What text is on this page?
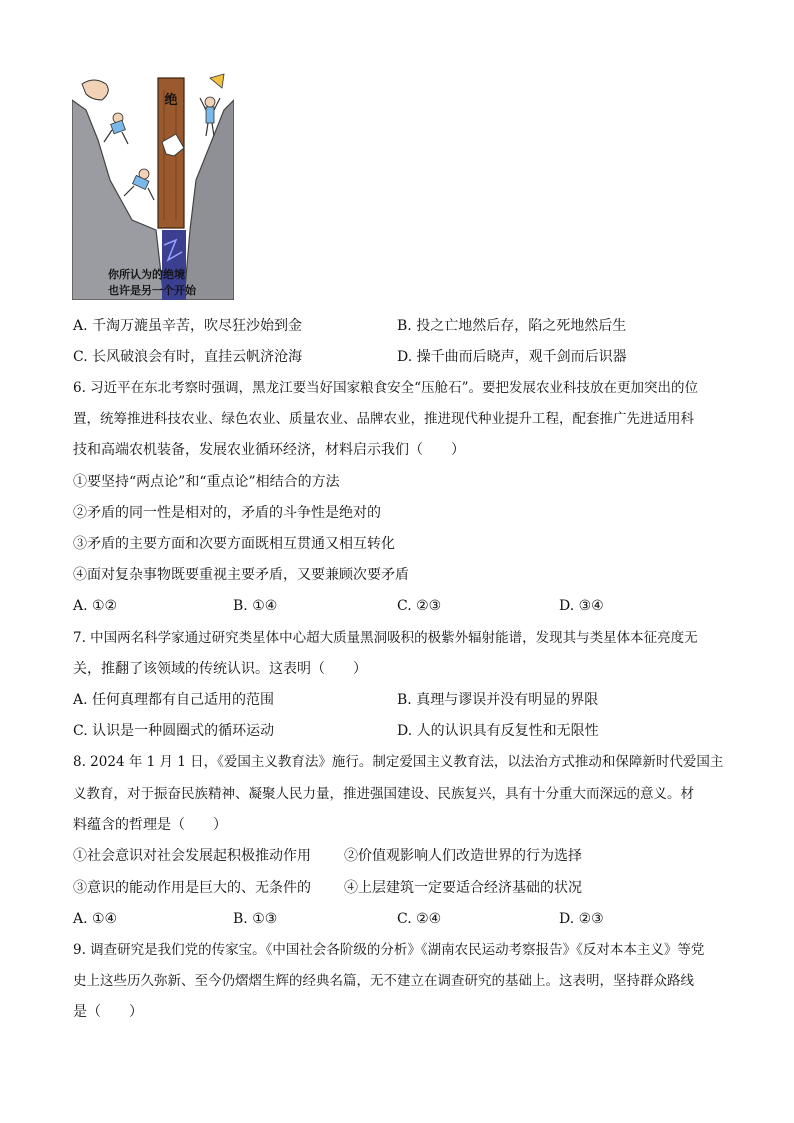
绝
你所认为的绝境
也许是另一个开始
A. 千淘万漉虽辛苦，吹尽狂沙始到金	B. 投之亡地然后存，陷之死地然后生
C. 长风破浪会有时，直挂云帆济沧海	D. 操千曲而后晓声，观千剑而后识器
6. 习近平在东北考察时强调，黑龙江要当好国家粮食安全“压舱石”。要把发展农业科技放在更加突出的位
置，统筹推进科技农业、绿色农业、质量农业、品牌农业，推进现代种业提升工程，配套推广先进适用科
技和高端农机装备，发展农业循环经济，材料启示我们（　　）
①要坚持“两点论”和“重点论”相结合的方法
②矛盾的同一性是相对的，矛盾的斗争性是绝对的
③矛盾的主要方面和次要方面既相互贯通又相互转化
④面对复杂事物既要重视主要矛盾，又要兼顾次要矛盾
A. ①②	B. ①④	C. ②③	D. ③④
7. 中国两名科学家通过研究类星体中心超大质量黑洞吸积的极紫外辐射能谱，发现其与类星体本征亮度无
关，推翻了该领域的传统认识。这表明（　　）
A. 任何真理都有自己适用的范围	B. 真理与谬误并没有明显的界限
C. 认识是一种圆圈式的循环运动	D. 人的认识具有反复性和无限性
8. 2024 年 1 月 1 日，《爱国主义教育法》施行。制定爱国主义教育法，以法治方式推动和保障新时代爱国主
义教育，对于振奋民族精神、凝聚人民力量，推进强国建设、民族复兴，具有十分重大而深远的意义。材
料蕴含的哲理是（　　）
①社会意识对社会发展起积极推动作用 ②价值观影响人们改造世界的行为选择
③意识的能动作用是巨大的、无条件的 ④上层建筑一定要适合经济基础的状况
A. ①④	B. ①③	C. ②④	D. ②③
9. 调查研究是我们党的传家宝。《中国社会各阶级的分析》《湖南农民运动考察报告》《反对本本主义》等党
史上这些历久弥新、至今仍熠熠生辉的经典名篇，无不建立在调查研究的基础上。这表明，坚持群众路线
是（　　）
